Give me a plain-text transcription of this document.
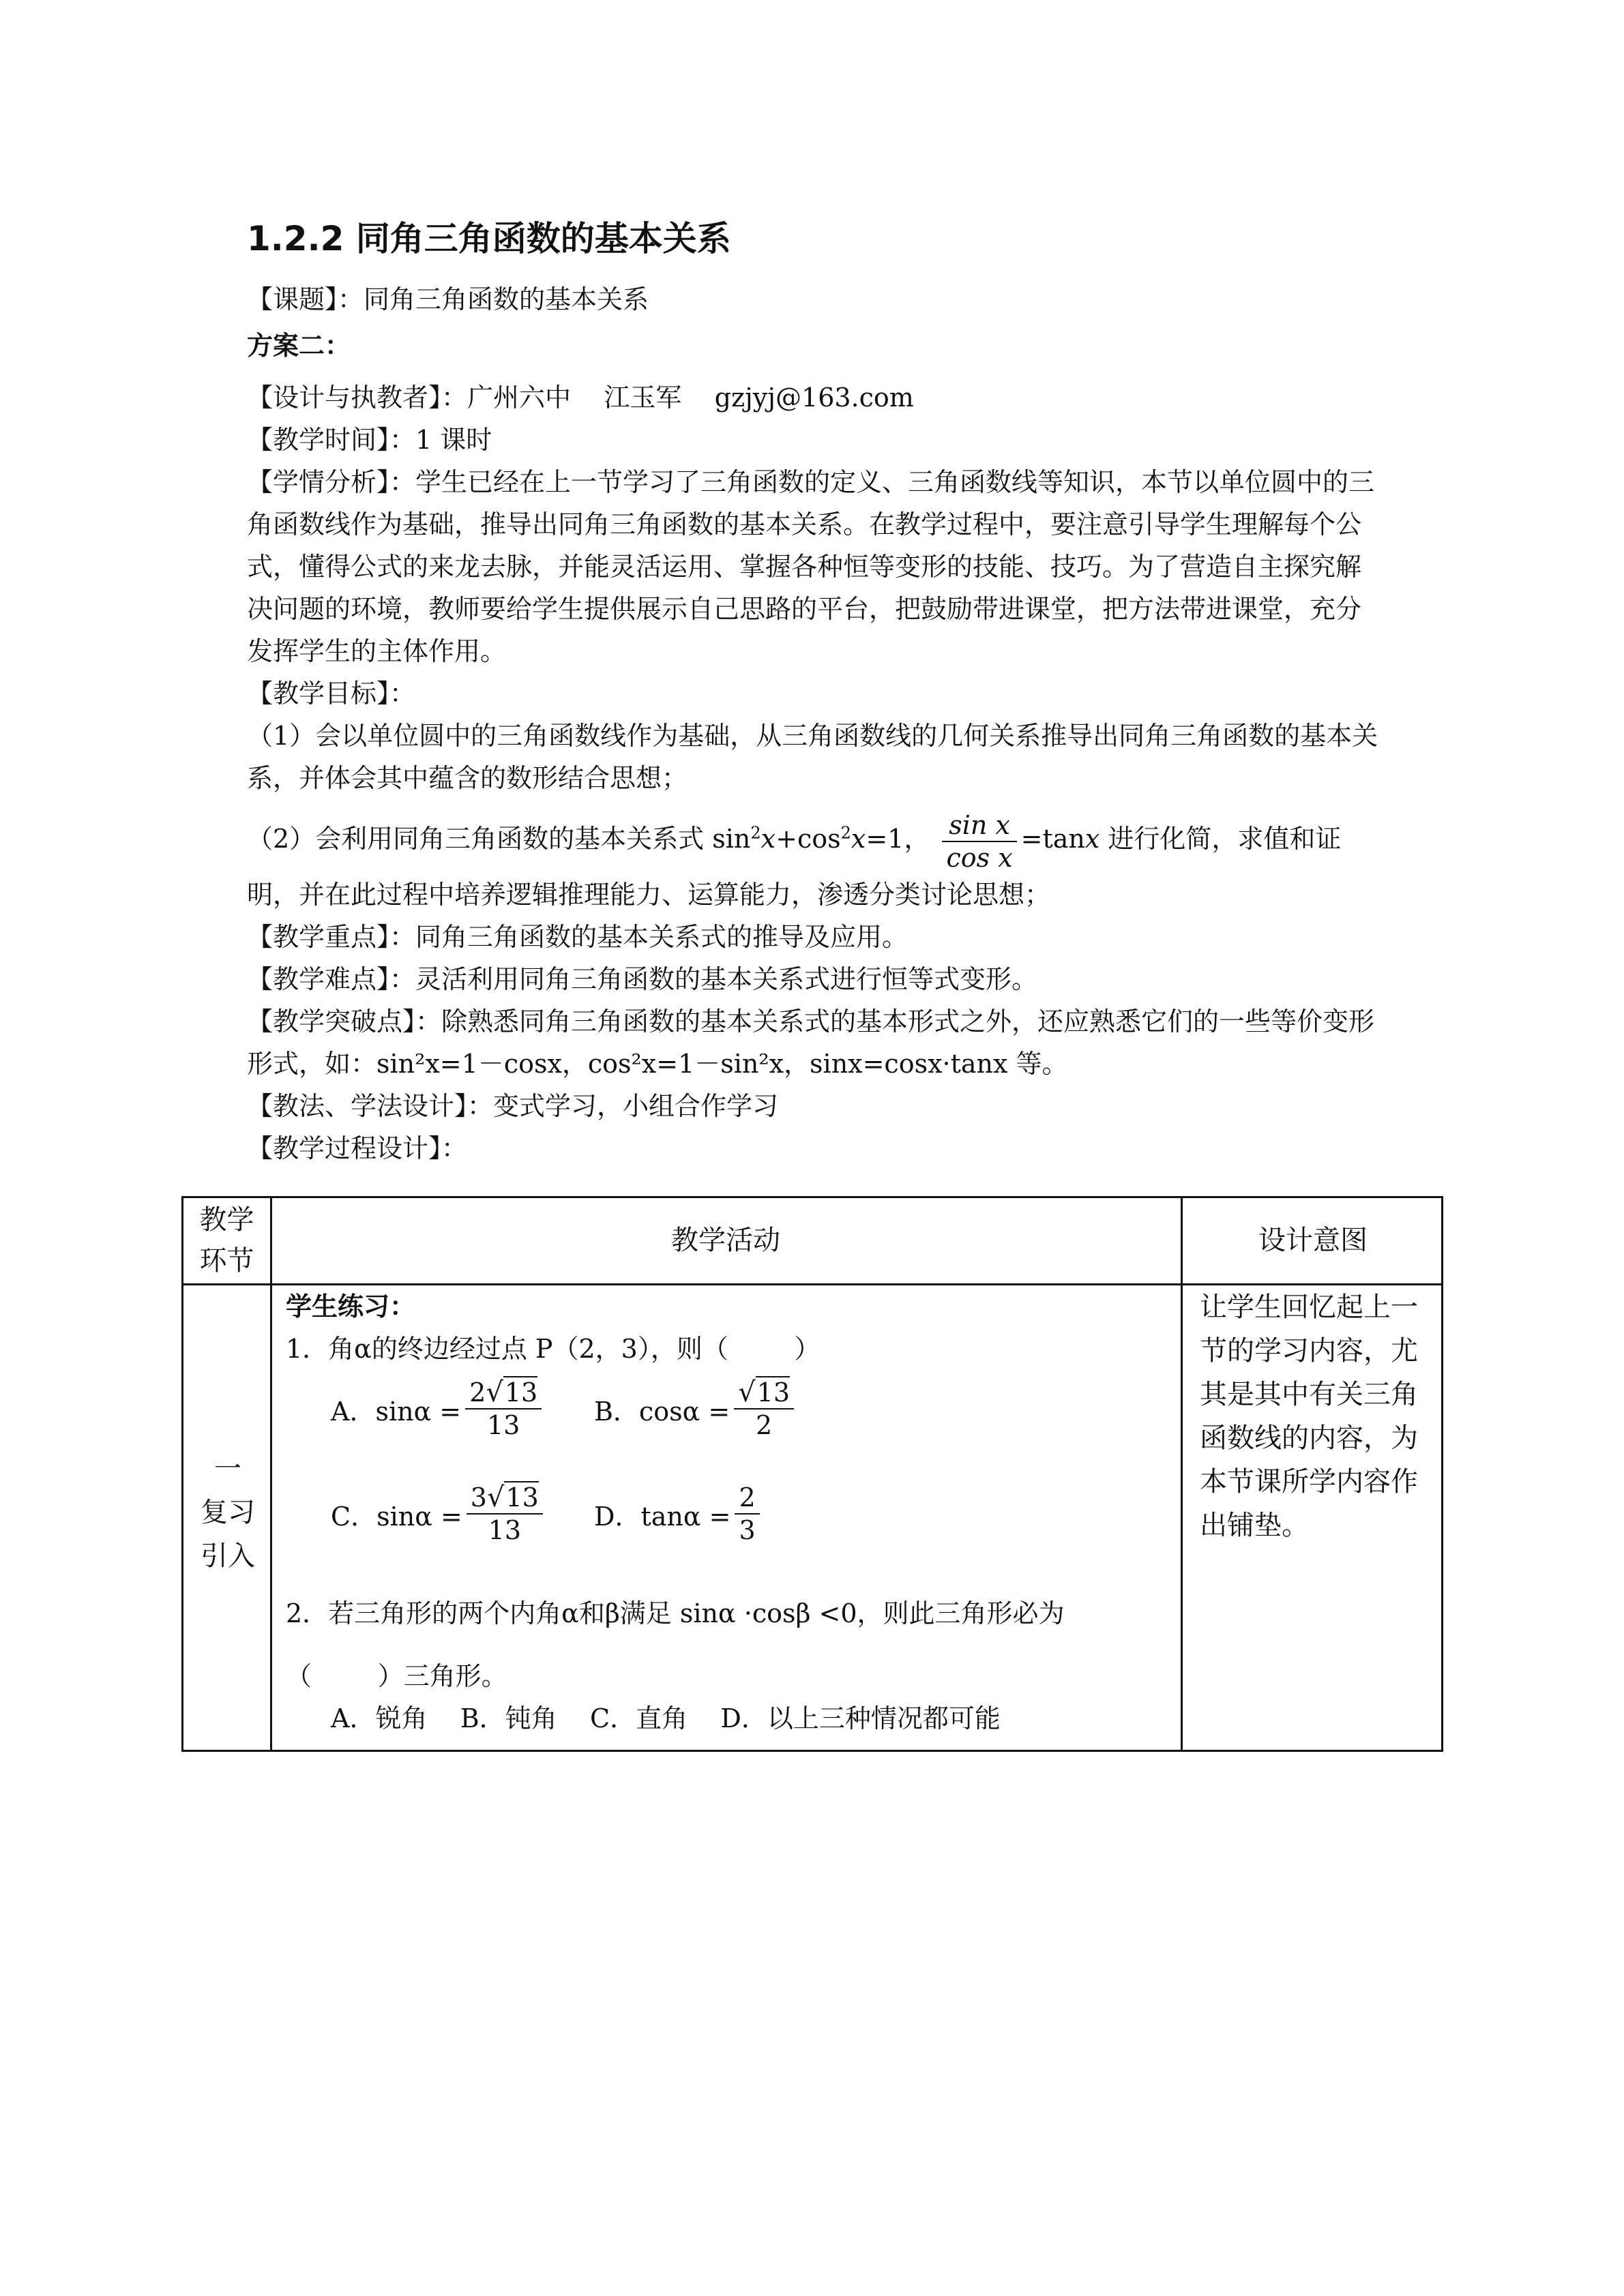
1.2.2 同角三角函数的基本关系
【课题】：同角三角函数的基本关系
方案二：
【设计与执教者】：广州六中    江玉军    gzjyj@163.com
【教学时间】：1 课时
【学情分析】：学生已经在上一节学习了三角函数的定义、三角函数线等知识，本节以单位圆中的三角函数线作为基础，推导出同角三角函数的基本关系。在教学过程中，要注意引导学生理解每个公式，懂得公式的来龙去脉，并能灵活运用、掌握各种恒等变形的技能、技巧。为了营造自主探究解决问题的环境，教师要给学生提供展示自己思路的平台，把鼓励带进课堂，把方法带进课堂，充分发挥学生的主体作用。
【教学目标】：
（1）会以单位圆中的三角函数线作为基础，从三角函数线的几何关系推导出同角三角函数的基本关系，并体会其中蕴含的数形结合思想；
（2）会利用同角三角函数的基本关系式 $\sin^2x+\cos^2x=1$， $\frac{\text{sin x}}{\text{cos x}} =\tan x$ 进行化简，求值和证
明，并在此过程中培养逻辑推理能力、运算能力，渗透分类讨论思想；
【教学重点】：同角三角函数的基本关系式的推导及应用。
【教学难点】：灵活利用同角三角函数的基本关系式进行恒等式变形。
【教学突破点】：除熟悉同角三角函数的基本关系式的基本形式之外，还应熟悉它们的一些等价变形形式，如：sin²x=1－cosx，cos²x=1－sin²x，sinx=cosx·tanx 等。
【教法、学法设计】：变式学习，小组合作学习
【教学过程设计】：
教学环节
教学活动	设计意图
一
复习
引入
学生练习：
1．角α的终边经过点 P（2，3），则（        ）
A．$\sin\alpha = \frac{2√13}{13}$ B．$\cos\alpha = \frac{√13}{2}$
C．$\sin\alpha = \frac{3√13}{13}$ D．$\tan\alpha = \frac{2}{3}$
2．若三角形的两个内角α和β满足 sinα ·cosβ <0，则此三角形必为
（        ）三角形。
A．锐角    B．钝角    C．直角    D．以上三种情况都可能
让学生回忆起上一
节的学习内容，尤
其是其中有关三角
函数线的内容，为
本节课所学内容作
出铺垫。
